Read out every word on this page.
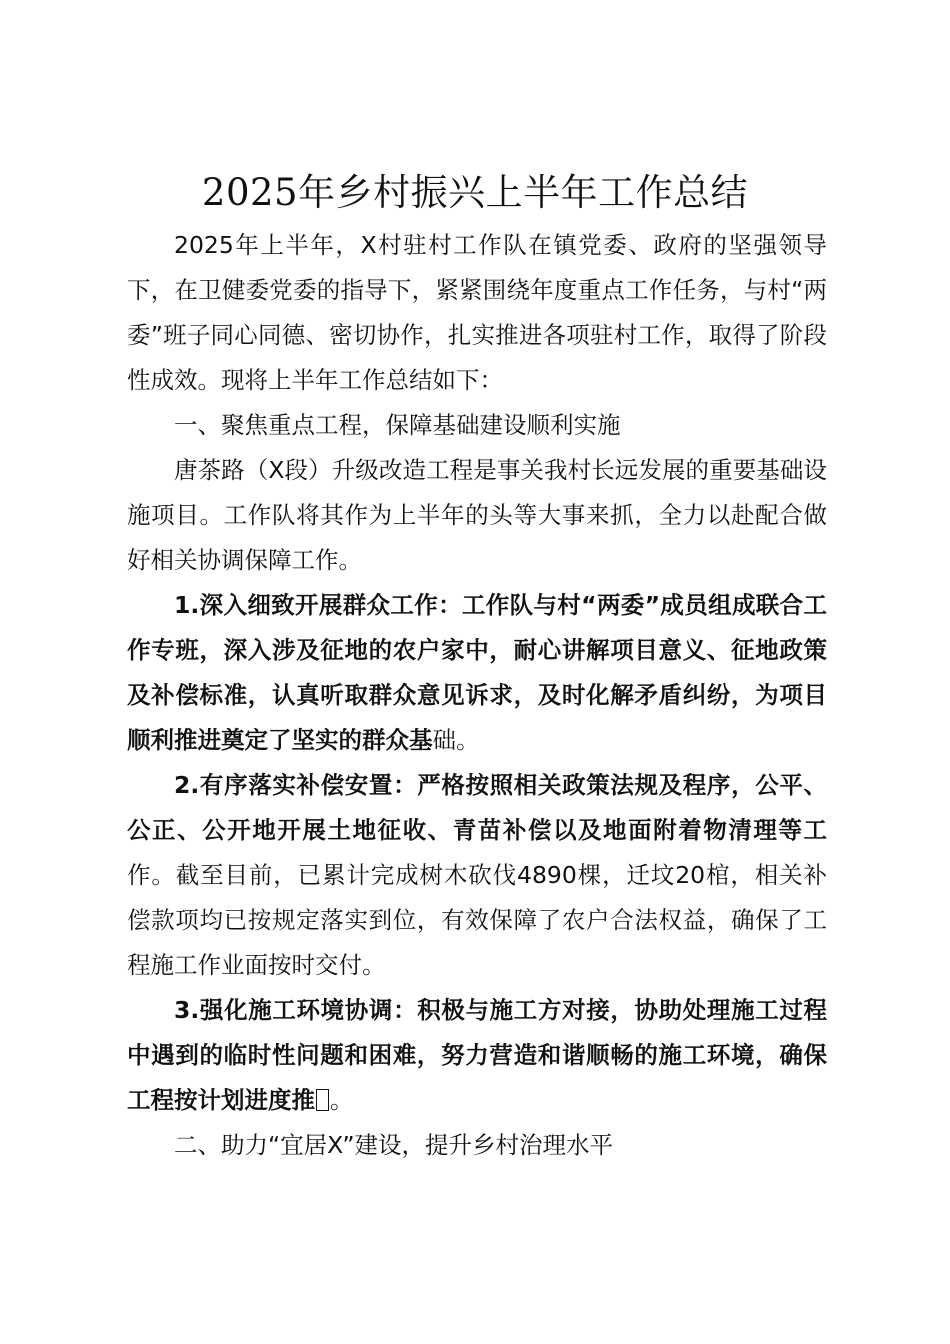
2025年乡村振兴上半年工作总结

2025年上半年，X村驻村工作队在镇党委、政府的坚强领导下，在卫健委党委的指导下，紧紧围绕年度重点工作任务，与村“两委”班子同心同德、密切协作，扎实推进各项驻村工作，取得了阶段性成效。现将上半年工作总结如下：

一、聚焦重点工程，保障基础建设顺利实施

唐茶路（X段）升级改造工程是事关我村长远发展的重要基础设施项目。工作队将其作为上半年的头等大事来抓，全力以赴配合做好相关协调保障工作。

1.深入细致开展群众工作：工作队与村“两委”成员组成联合工作专班，深入涉及征地的农户家中，耐心讲解项目意义、征地政策及补偿标准，认真听取群众意见诉求，及时化解矛盾纠纷，为项目顺利推进奠定了坚实的群众基础。

2.有序落实补偿安置：严格按照相关政策法规及程序，公平、公正、公开地开展土地征收、青苗补偿以及地面附着物清理等工作。截至目前，已累计完成树木砍伐4890棵，迁坟20棺，相关补偿款项均已按规定落实到位，有效保障了农户合法权益，确保了工程施工作业面按时交付。

3.强化施工环境协调：积极与施工方对接，协助处理施工过程中遇到的临时性问题和困难，努力营造和谐顺畅的施工环境，确保工程按计划进度推 。

二、助力“宜居X”建设，提升乡村治理水平
